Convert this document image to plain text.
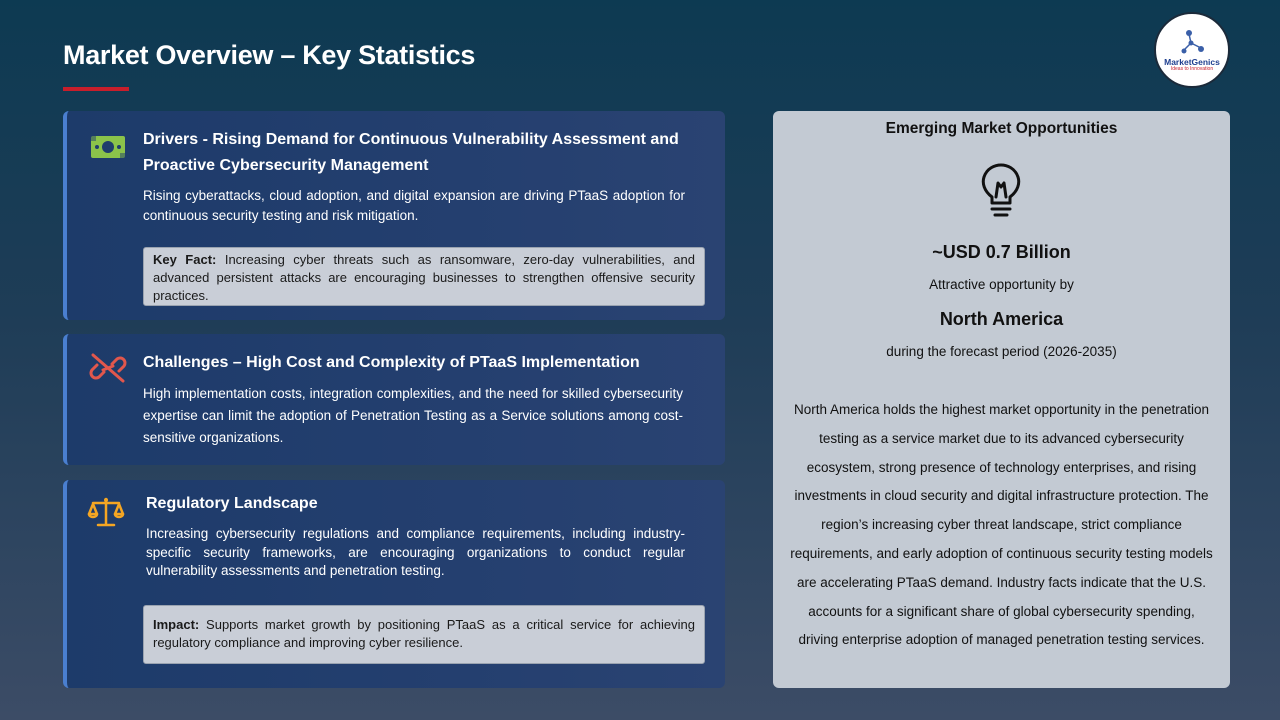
Market Overview – Key Statistics	MarketGenics
Ideas to Innovation
Drivers - Rising Demand for Continuous Vulnerability Assessment and Proactive Cybersecurity Management
Rising cyberattacks, cloud adoption, and digital expansion are driving PTaaS adoption for continuous security testing and risk mitigation.
Key Fact: Increasing cyber threats such as ransomware, zero-day vulnerabilities, and advanced persistent attacks are encouraging businesses to strengthen offensive security practices.
Challenges – High Cost and Complexity of PTaaS Implementation
High implementation costs, integration complexities, and the need for skilled cybersecurity expertise can limit the adoption of Penetration Testing as a Service solutions among cost-sensitive organizations.
Regulatory Landscape
Increasing cybersecurity regulations and compliance requirements, including industry-specific security frameworks, are encouraging organizations to conduct regular vulnerability assessments and penetration testing.
Impact: Supports market growth by positioning PTaaS as a critical service for achieving regulatory compliance and improving cyber resilience.
Emerging Market Opportunities
~USD 0.7 Billion
Attractive opportunity by
North America
during the forecast period (2026-2035)
North America holds the highest market opportunity in the penetration testing as a service market due to its advanced cybersecurity ecosystem, strong presence of technology enterprises, and rising investments in cloud security and digital infrastructure protection. The region’s increasing cyber threat landscape, strict compliance requirements, and early adoption of continuous security testing models are accelerating PTaaS demand. Industry facts indicate that the U.S. accounts for a significant share of global cybersecurity spending, driving enterprise adoption of managed penetration testing services.
